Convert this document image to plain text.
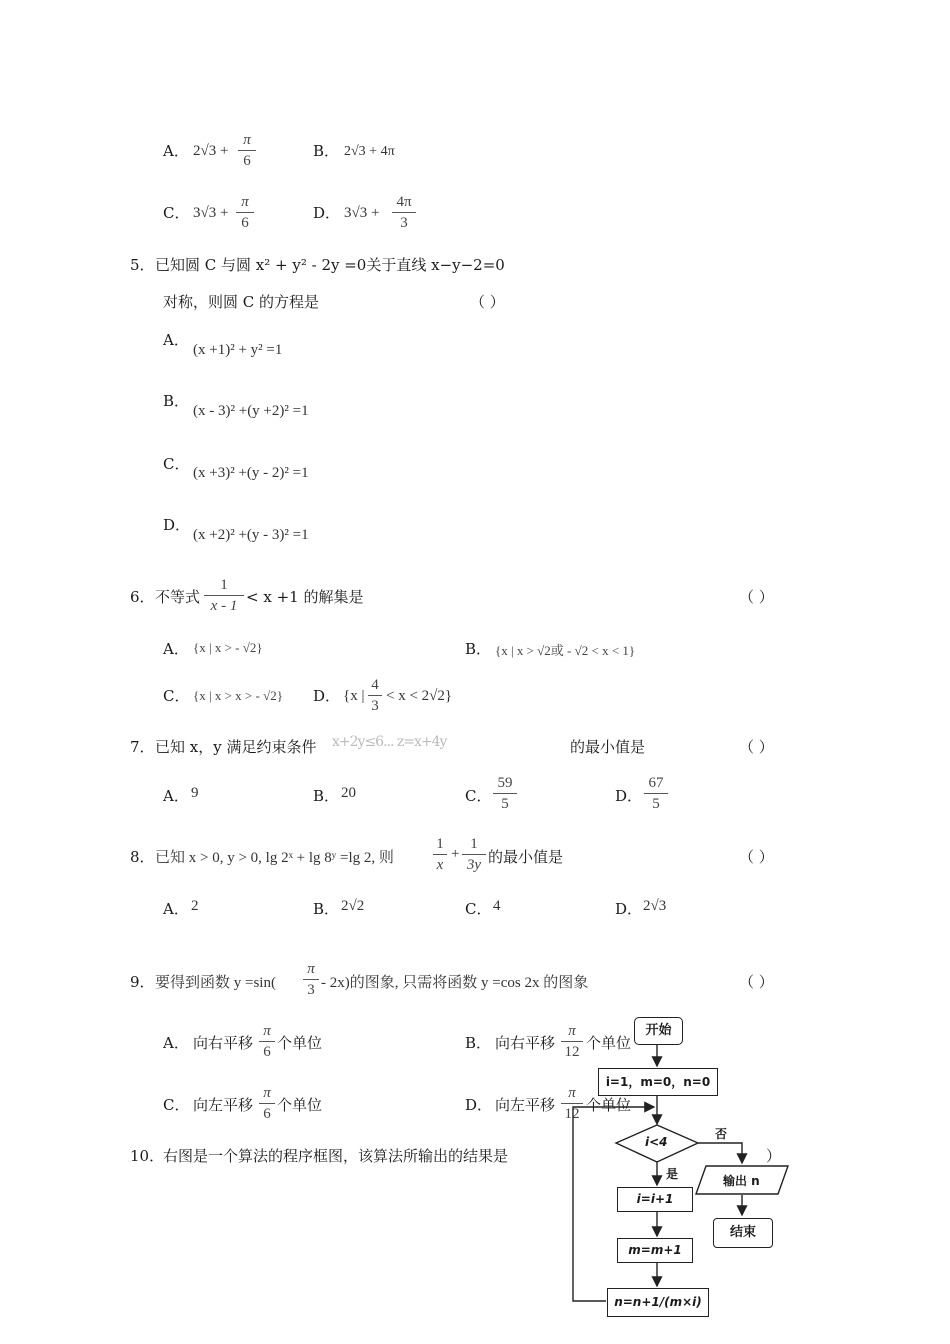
A． 2√3 +
π
6
B． 2√3 + 4π
C． 3√3 +
π
6
D． 3√3 +
4π
3
5． 已知圆 C 与圆 x² + y² - 2y =0关于直线 x−y−2=0
对称，则圆 C 的方程是	（ ）
A．
(x +1)² + y² =1
B．
(x - 3)² +(y +2)² =1
C． (x +3)² +(y - 2)² =1
D．
(x +2)² +(y - 3)² =1
6． 不等式
1
x - 1 < x +1 的解集是	（ ）
A． {x | x > - √2}	B． {x | x > √2或 - √2 < x < 1}
C． {x | x > x > - √2} D． {x |
4
3
< x < 2√2}
7． 已知 x，y 满足约束条件 x+2y≤6... z=x+4y	的最小值是	（ ）
A． 9	B． 20	C．
59
5	D．
67
5
8． 已知 x > 0, y > 0, lg 2ˣ + lg 8ʸ =lg 2, 则
1
x
+
1
3y 的最小值是	（ ）
A． 2	B． 2√2	C． 4	D． 2√3
9． 要得到函数 y =sin(
π
3 - 2x)的图象, 只需将函数 y =cos 2x 的图象	（ ）
A． 向右平移
π
6 个单位	B． 向右平移
π
12 个单位
C． 向左平移
π
6 个单位	D． 向左平移
π
12 个单位
10．
右图是一个算法的程序框图，该算法所输出的结果是	）
开始
i=1，m=0，n=0
i<4
否
是	输出 n
结束
i=i+1
m=m+1
n=n+1/(m×i)
